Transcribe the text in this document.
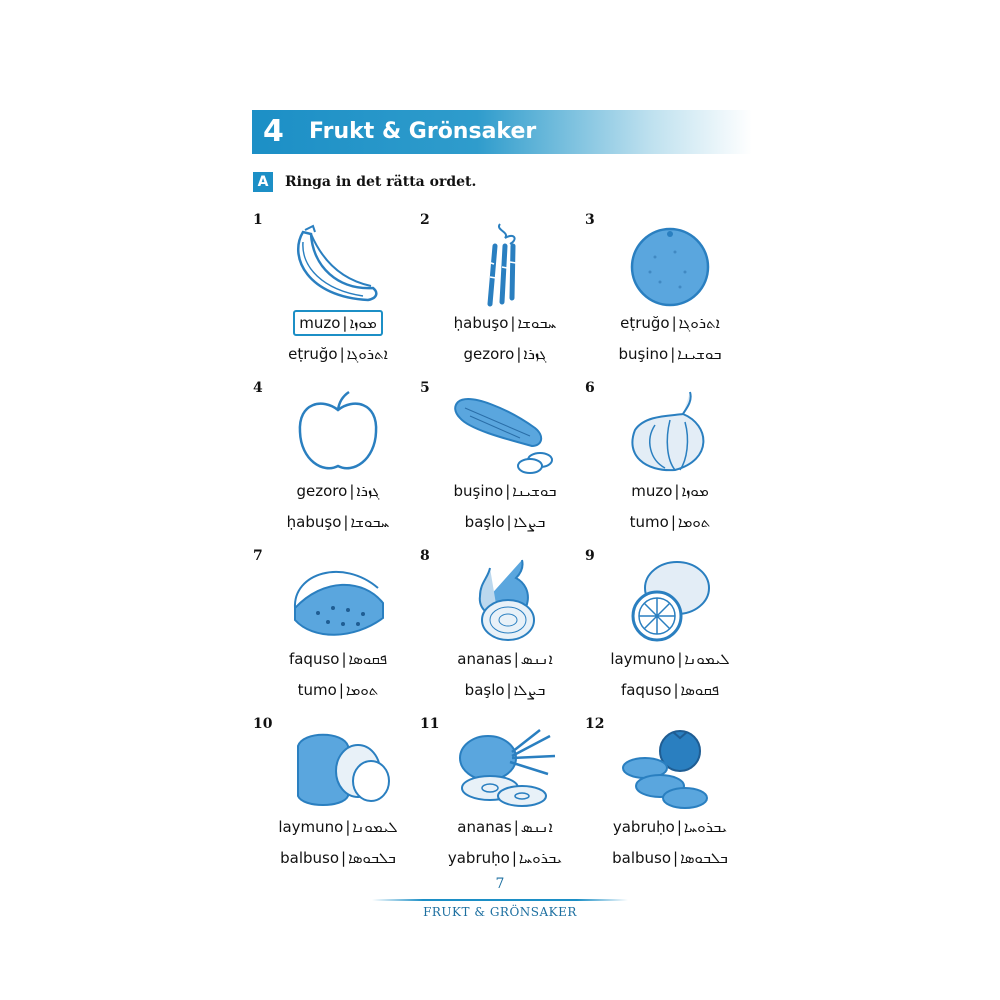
4 Frukt & Grönsaker
A	Ringa in det rätta ordet.
1
muzo | ܡܘܙܐ
eṭruğo | ܐܬܪܘܓܐ
2
ḥabuşo | ܚܒܘܫܐ
gezoro | ܓܙܪܐ
3
eṭruğo | ܐܬܪܘܓܐ
buşino | ܒܘܫܝܢܐ
4
gezoro | ܓܙܪܐ
ḥabuşo | ܚܒܘܫܐ
5
buşino | ܒܘܫܝܢܐ
başlo | ܒܨܠܐ
6
muzo | ܡܘܙܐ
tumo | ܬܘܡܐ
7
faquso | ܦܩܘܣܐ
tumo | ܬܘܡܐ
8
ananas | ܐܢܢܣ
başlo | ܒܨܠܐ
9
laymuno | ܠܝܡܘܢܐ
faquso | ܦܩܘܣܐ
10
laymuno | ܠܝܡܘܢܐ
balbuso | ܒܠܒܘܣܐ
11
ananas | ܐܢܢܣ
yabruḥo | ܝܒܪܘܚܐ
12
yabruḥo | ܝܒܪܘܚܐ
balbuso | ܒܠܒܘܣܐ
7
FRUKT & GRÖNSAKER
